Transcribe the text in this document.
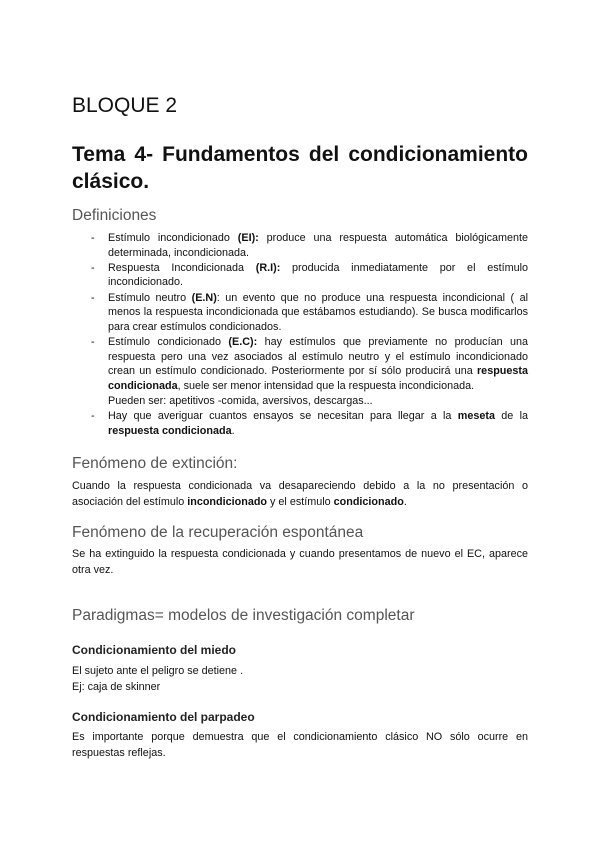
BLOQUE 2
Tema 4- Fundamentos del condicionamiento clásico.
Definiciones
- Estímulo incondicionado (EI): produce una respuesta automática biológicamente determinada, incondicionada.
- Respuesta Incondicionada (R.I): producida inmediatamente por el estímulo incondicionado.
- Estímulo neutro (E.N): un evento que no produce una respuesta incondicional ( al menos la respuesta incondicionada que estábamos estudiando). Se busca modificarlos para crear estímulos condicionados.
- Estímulo condicionado (E.C): hay estímulos que previamente no producían una respuesta pero una vez asociados al estímulo neutro y el estímulo incondicionado crean un estímulo condicionado. Posteriormente por sí sólo producirá una respuesta condicionada, suele ser menor intensidad que la respuesta incondicionada.
Pueden ser: apetitivos -comida, aversivos, descargas...
- Hay que averiguar cuantos ensayos se necesitan para llegar a la meseta de la respuesta condicionada.
Fenómeno de extinción:

Cuando la respuesta condicionada va desapareciendo debido a la no presentación o asociación del estímulo incondicionado y el estímulo condicionado.

Fenómeno de la recuperación espontánea

Se ha extinguido la respuesta condicionada y cuando presentamos de nuevo el EC, aparece otra vez.

Paradigmas= modelos de investigación completar
Condicionamiento del miedo

El sujeto ante el peligro se detiene .

Ej: caja de skinner

Condicionamiento del parpadeo

Es importante porque demuestra que el condicionamiento clásico NO sólo ocurre en respuestas reflejas.
